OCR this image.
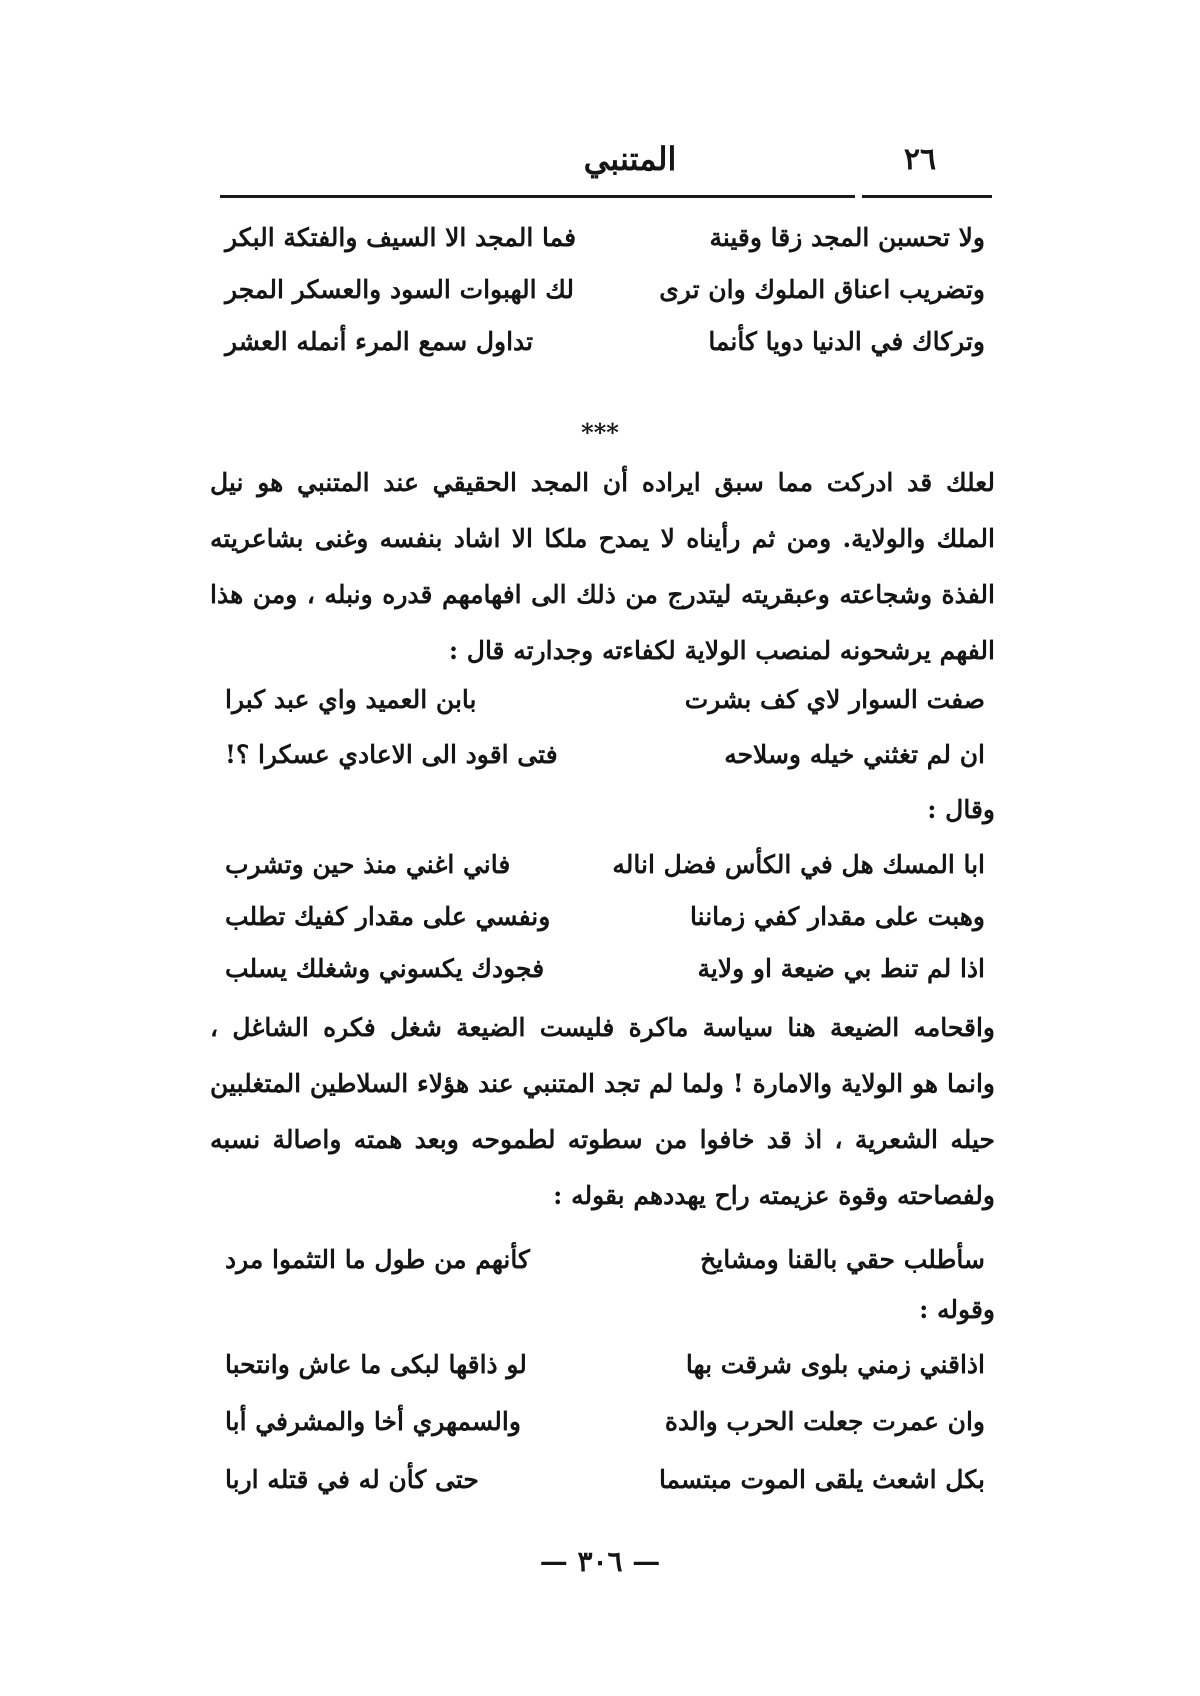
٢٦
المتنبي
ولا تحسبن المجد زقا وقينة
فما المجد الا السيف والفتكة البكر
وتضريب اعناق الملوك وان ترى
لك الهبوات السود والعسكر المجر
وتركاك في الدنيا دويا كأنما
تداول سمع المرء أنمله العشر
***
لعلك قد ادركت مما سبق ايراده أن المجد الحقيقي عند المتنبي هو نيل الملك والولاية. ومن ثم رأيناه لا يمدح ملكا الا اشاد بنفسه وغنى بشاعريته الفذة وشجاعته وعبقريته ليتدرج من ذلك الى افهامهم قدره ونبله ، ومن هذا الفهم يرشحونه لمنصب الولاية لكفاءته وجدارته قال :
صفت السوار لاي كف بشرت
بابن العميد واي عبد كبرا
ان لم تغثني خيله وسلاحه
فتى اقود الى الاعادي عسكرا ؟!
وقال :
ابا المسك هل في الكأس فضل اناله
فاني اغني منذ حين وتشرب
وهبت على مقدار كفي زماننا
ونفسي على مقدار كفيك تطلب
اذا لم تنط بي ضيعة او ولاية
فجودك يكسوني وشغلك يسلب
واقحامه الضيعة هنا سياسة ماكرة فليست الضيعة شغل فكره الشاغل ، وانما هو الولاية والامارة ! ولما لم تجد المتنبي عند هؤلاء السلاطين المتغلبين حيله الشعرية ، اذ قد خافوا من سطوته لطموحه وبعد همته واصالة نسبه ولفصاحته وقوة عزيمته راح يهددهم بقوله :
سأطلب حقي بالقنا ومشايخ
كأنهم من طول ما التثموا مرد
وقوله :
اذاقني زمني بلوى شرقت بها
لو ذاقها لبكى ما عاش وانتحبا
وان عمرت جعلت الحرب والدة
والسمهري أخا والمشرفي أبا
بكل اشعث يلقى الموت مبتسما
حتى كأن له في قتله اربا
— ٣٠٦ —
